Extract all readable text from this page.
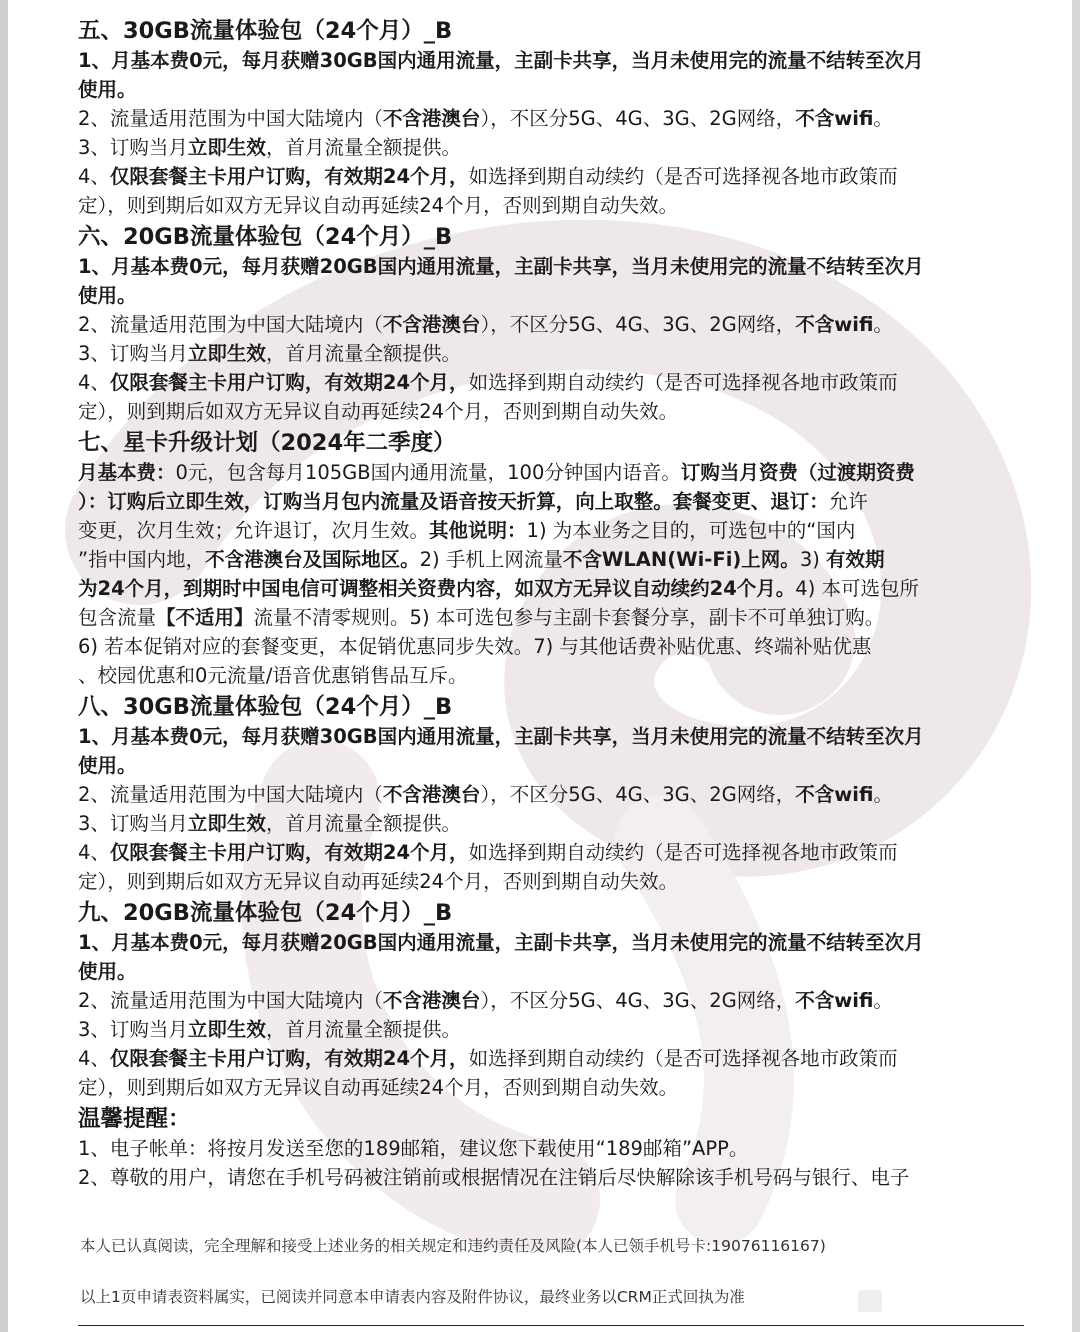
五、30GB流量体验包（24个月）_B
1、月基本费0元，每月获赠30GB国内通用流量，主副卡共享，当月未使用完的流量不结转至次月
使用。
2、流量适用范围为中国大陆境内（不含港澳台），不区分5G、4G、3G、2G网络，不含wifi。
3、订购当月立即生效，首月流量全额提供。
4、仅限套餐主卡用户订购，有效期24个月，如选择到期自动续约（是否可选择视各地市政策而
定），则到期后如双方无异议自动再延续24个月，否则到期自动失效。
六、20GB流量体验包（24个月）_B
1、月基本费0元，每月获赠20GB国内通用流量，主副卡共享，当月未使用完的流量不结转至次月
使用。
2、流量适用范围为中国大陆境内（不含港澳台），不区分5G、4G、3G、2G网络，不含wifi。
3、订购当月立即生效，首月流量全额提供。
4、仅限套餐主卡用户订购，有效期24个月，如选择到期自动续约（是否可选择视各地市政策而
定），则到期后如双方无异议自动再延续24个月，否则到期自动失效。
七、星卡升级计划（2024年二季度）
月基本费：0元，包含每月105GB国内通用流量，100分钟国内语音。订购当月资费（过渡期资费
）：订购后立即生效，订购当月包内流量及语音按天折算，向上取整。套餐变更、退订：允许
变更，次月生效；允许退订，次月生效。其他说明：1) 为本业务之目的，可选包中的“国内
”指中国内地，不含港澳台及国际地区。2) 手机上网流量不含WLAN(Wi-Fi)上网。3) 有效期
为24个月，到期时中国电信可调整相关资费内容，如双方无异议自动续约24个月。4) 本可选包所
包含流量【不适用】流量不清零规则。5) 本可选包参与主副卡套餐分享，副卡不可单独订购。
6) 若本促销对应的套餐变更，本促销优惠同步失效。7) 与其他话费补贴优惠、终端补贴优惠
、校园优惠和0元流量/语音优惠销售品互斥。
八、30GB流量体验包（24个月）_B
1、月基本费0元，每月获赠30GB国内通用流量，主副卡共享，当月未使用完的流量不结转至次月
使用。
2、流量适用范围为中国大陆境内（不含港澳台），不区分5G、4G、3G、2G网络，不含wifi。
3、订购当月立即生效，首月流量全额提供。
4、仅限套餐主卡用户订购，有效期24个月，如选择到期自动续约（是否可选择视各地市政策而
定），则到期后如双方无异议自动再延续24个月，否则到期自动失效。
九、20GB流量体验包（24个月）_B
1、月基本费0元，每月获赠20GB国内通用流量，主副卡共享，当月未使用完的流量不结转至次月
使用。
2、流量适用范围为中国大陆境内（不含港澳台），不区分5G、4G、3G、2G网络，不含wifi。
3、订购当月立即生效，首月流量全额提供。
4、仅限套餐主卡用户订购，有效期24个月，如选择到期自动续约（是否可选择视各地市政策而
定），则到期后如双方无异议自动再延续24个月，否则到期自动失效。
温馨提醒：
1、电子帐单：将按月发送至您的189邮箱，建议您下载使用“189邮箱”APP。
2、尊敬的用户，请您在手机号码被注销前或根据情况在注销后尽快解除该手机号码与银行、电子
本人已认真阅读，完全理解和接受上述业务的相关规定和违约责任及风险(本人已领手机号卡:19076116167)
以上1页申请表资料属实，已阅读并同意本申请表内容及附件协议，最终业务以CRM正式回执为准
